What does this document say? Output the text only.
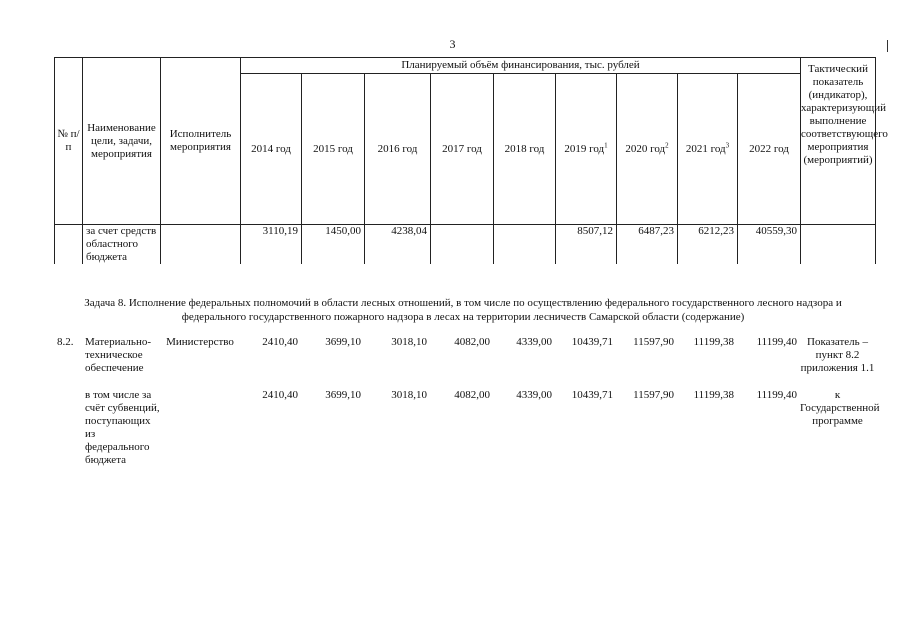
3
№ п/п	Наименование цели, задачи, мероприятия	Исполнитель мероприятия	Планируемый объём финансирования, тыс. рублей									Тактический показатель (индикатор), характеризующий выполнение соответствующего мероприятия (мероприятий)
			2014 год	2015 год	2016 год	2017 год	2018 год	2019 год$^1$	2020 год$^2$	2021 год$^3$	2022 год	
	за счет средств областного бюджета		3110,19	1450,00	4238,04			8507,12	6487,23	6212,23	40559,30	
Задача 8. Исполнение федеральных полномочий в области лесных отношений, в том числе по осуществлению федерального государственного лесного надзора и федерального государственного пожарного надзора в лесах на территории лесничеств Самарской области (содержание)
8.2.	Материально-техническое обеспечение	Министерство	2410,40	3699,10	3018,10	4082,00	4339,00	10439,71	11597,90	11199,38	11199,40	Показатель – пункт 8.2 приложения 1.1

	в том числе за счёт субвенций, поступающих из федерального бюджета		2410,40	3699,10	3018,10	4082,00	4339,00	10439,71	11597,90	11199,38	11199,40	к Государственной программе
